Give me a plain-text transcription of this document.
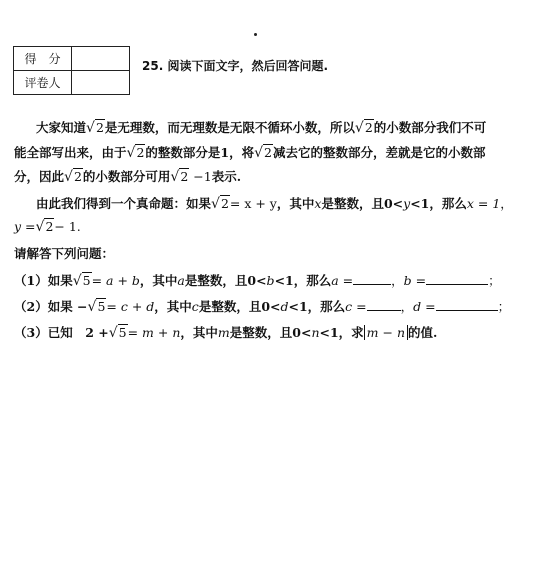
得　分	
评卷人	
25. 阅读下面文字，然后回答问题.
大家知道√2是无理数，而无理数是无限不循环小数，所以√2的小数部分我们不可
能全部写出来，由于√2的整数部分是1，将√2减去它的整数部分，差就是它的小数部
分，因此√2的小数部分可用√2 −1表示.
由此我们得到一个真命题：如果√2= x + y，其中x是整数，且0<y<1，那么x = 1，
y =√2− 1.
请解答下列问题：
（1）如果√5= a + b，其中a是整数，且0<b<1，那么a =	，b =	；
（2）如果 −√5= c + d，其中c是整数，且0<d<1，那么c =	，d =	；
（3）已知　2 +√5= m + n，其中m是整数，且0<n<1，求 m − n 的值.
